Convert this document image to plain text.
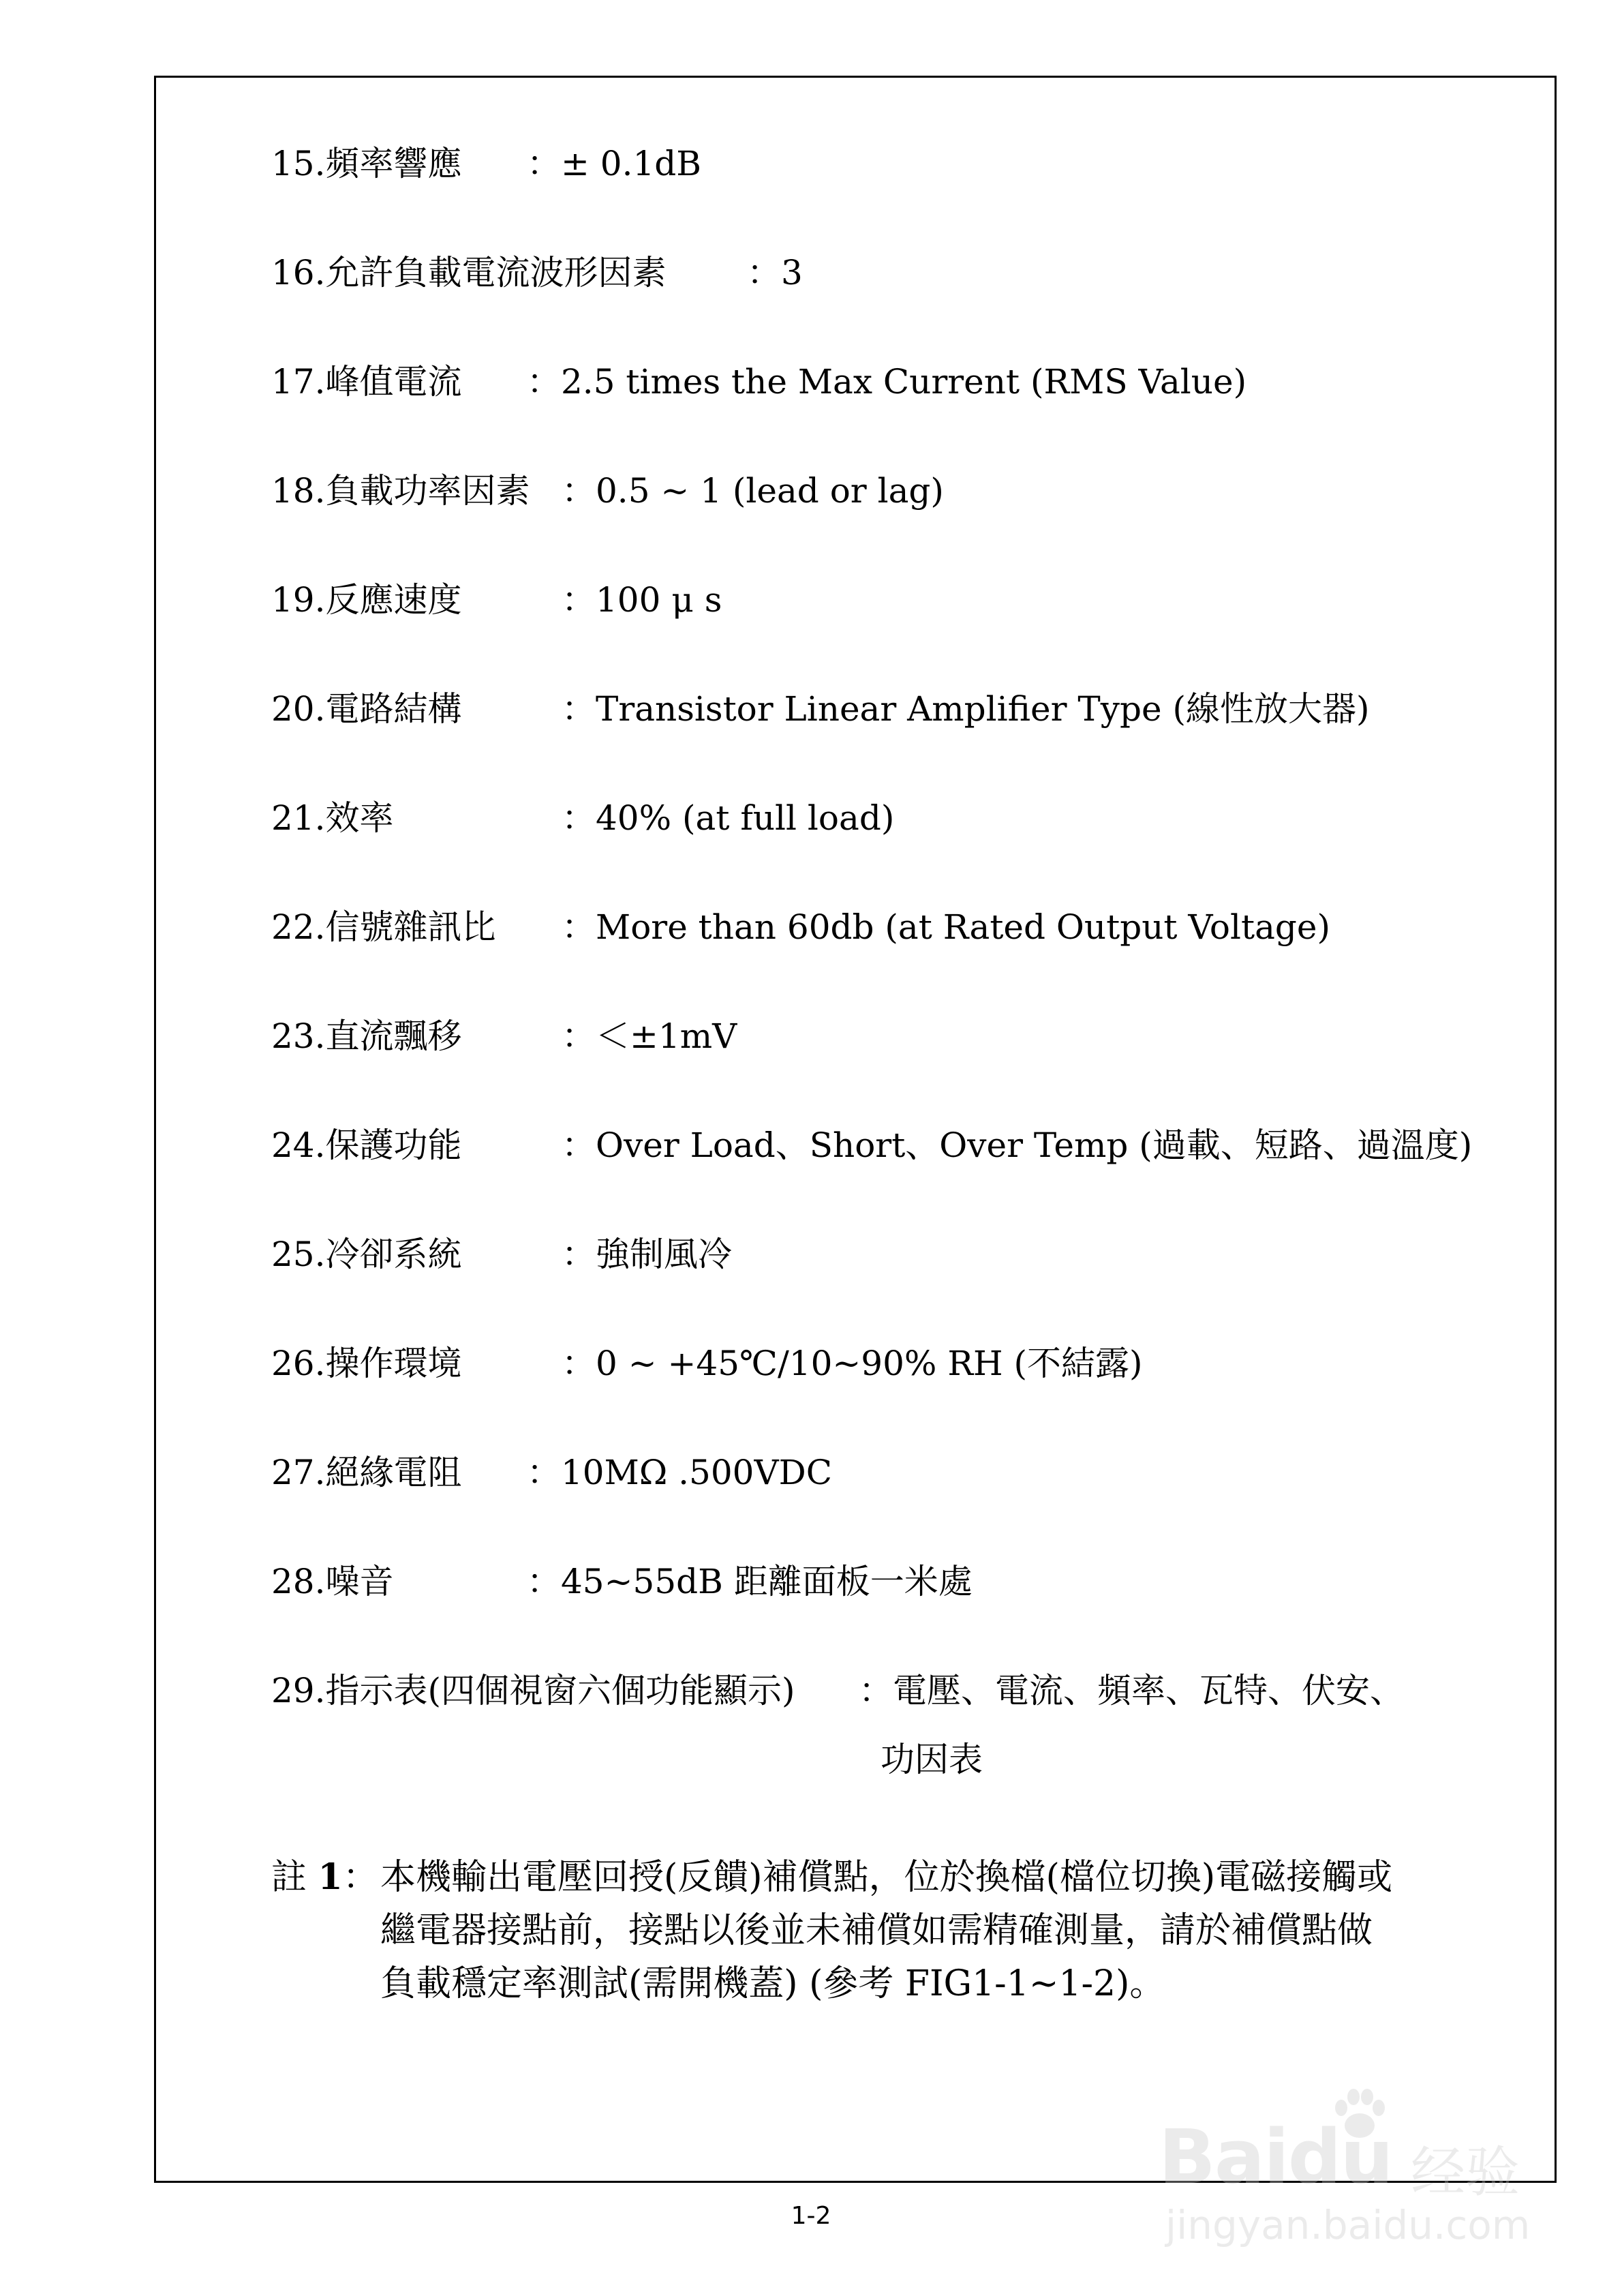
15.頻率響應 ：± 0.1dB
16.允許負載電流波形因素 ：3
17.峰值電流 ：2.5 times the Max Current (RMS Value)
18.負載功率因素 ：0.5 ~ 1 (lead or lag)
19.反應速度	：100 μ s
20.電路結構	：Transistor Linear Amplifier Type (線性放大器)
21.效率	：40% (at full load)
22.信號雜訊比 ：More than 60db (at Rated Output Voltage)
23.直流飄移	：＜±1mV
24.保護功能	：Over Load、Short、Over Temp (過載、短路、過溫度)
25.冷卻系統	：強制風冷
26.操作環境	：0 ~ +45℃/10~90% RH (不結露)
27.絕緣電阻 ：10MΩ .500VDC
28.噪音	：45~55dB 距離面板一米處
29.指示表(四個視窗六個功能顯示) ：電壓、電流、頻率、瓦特、伏安、
功因表
註 1： 本機輸出電壓回授(反饋)補償點，位於換檔(檔位切換)電磁接觸或
繼電器接點前，接點以後並未補償如需精確測量，請於補償點做
負載穩定率測試(需開機蓋) (參考 FIG1-1~1-2)。
1-2
Baidu 经验
jingyan.baidu.com
